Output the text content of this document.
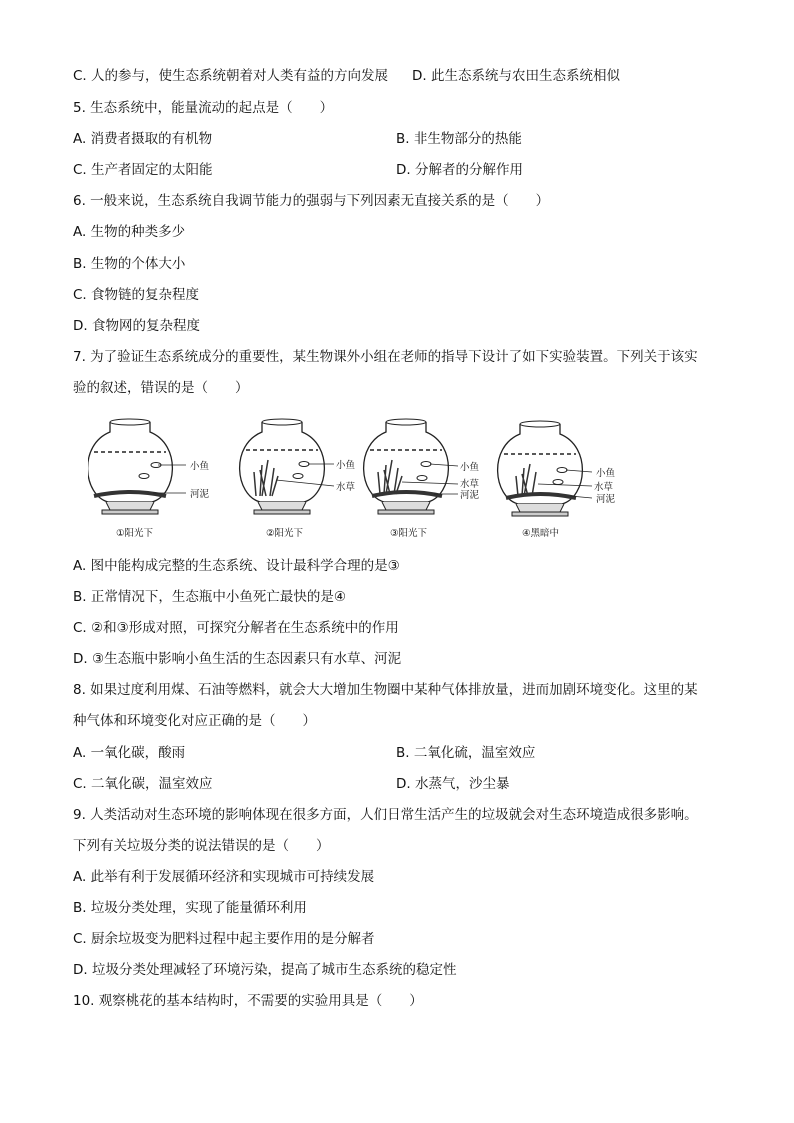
C. 人的参与，使生态系统朝着对人类有益的方向发展 D. 此生态系统与农田生态系统相似
5. 生态系统中，能量流动的起点是（　　）
A. 消费者摄取的有机物	B. 非生物部分的热能
C. 生产者固定的太阳能	D. 分解者的分解作用
6. 一般来说，生态系统自我调节能力的强弱与下列因素无直接关系的是（　　）
A. 生物的种类多少
B. 生物的个体大小
C. 食物链的复杂程度
D. 食物网的复杂程度
7. 为了验证生态系统成分的重要性，某生物课外小组在老师的指导下设计了如下实验装置。下列关于该实
验的叙述，错误的是（　　）
小鱼
河泥
①阳光下
小鱼
水草
②阳光下
小鱼
水草
河泥
③阳光下
小鱼
水草
河泥
④黑暗中
A. 图中能构成完整的生态系统、设计最科学合理的是③
B. 正常情况下，生态瓶中小鱼死亡最快的是④
C. ②和③形成对照，可探究分解者在生态系统中的作用
D. ③生态瓶中影响小鱼生活的生态因素只有水草、河泥
8. 如果过度利用煤、石油等燃料，就会大大增加生物圈中某种气体排放量，进而加剧环境变化。这里的某
种气体和环境变化对应正确的是（　　）
A. 一氧化碳，酸雨	B. 二氧化硫，温室效应
C. 二氧化碳，温室效应	D. 水蒸气，沙尘暴
9. 人类活动对生态环境的影响体现在很多方面，人们日常生活产生的垃圾就会对生态环境造成很多影响。
下列有关垃圾分类的说法错误的是（　　）
A. 此举有利于发展循环经济和实现城市可持续发展
B. 垃圾分类处理，实现了能量循环利用
C. 厨余垃圾变为肥料过程中起主要作用的是分解者
D. 垃圾分类处理减轻了环境污染，提高了城市生态系统的稳定性
10. 观察桃花的基本结构时，不需要的实验用具是（　　）
